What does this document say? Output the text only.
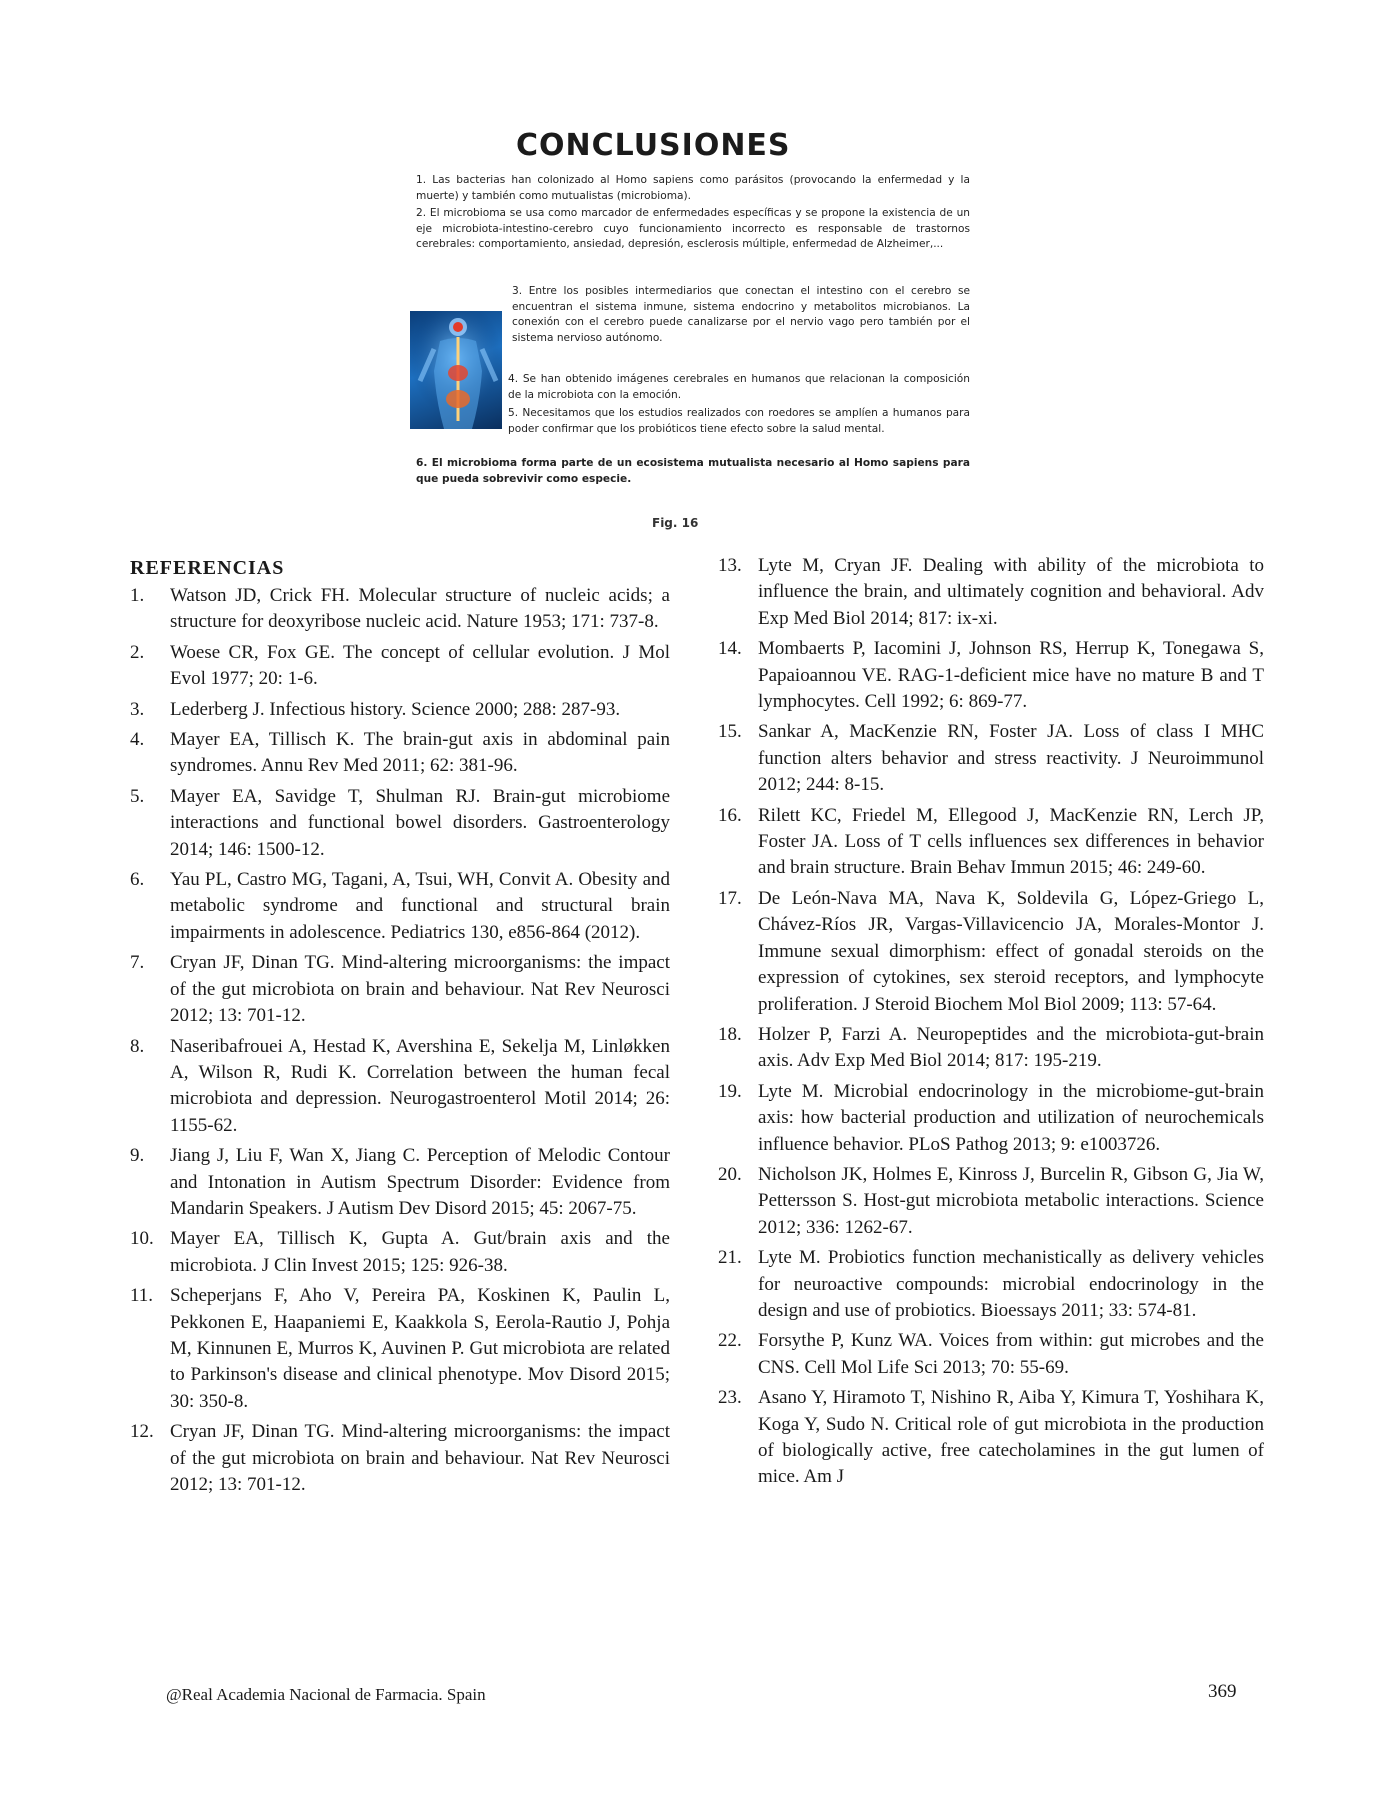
CONCLUSIONES
1. Las bacterias han colonizado al Homo sapiens como parásitos (provocando la enfermedad y la muerte) y también como mutualistas (microbioma).
2. El microbioma se usa como marcador de enfermedades específicas y se propone la existencia de un eje microbiota-intestino-cerebro cuyo funcionamiento incorrecto es responsable de trastornos cerebrales: comportamiento, ansiedad, depresión, esclerosis múltiple, enfermedad de Alzheimer,...
3. Entre los posibles intermediarios que conectan el intestino con el cerebro se encuentran el sistema inmune, sistema endocrino y metabolitos microbianos. La conexión con el cerebro puede canalizarse por el nervio vago pero también por el sistema nervioso autónomo.
4. Se han obtenido imágenes cerebrales en humanos que relacionan la composición de la microbiota con la emoción.
5. Necesitamos que los estudios realizados con roedores se amplíen a humanos para poder confirmar que los probióticos tiene efecto sobre la salud mental.
6. El microbioma forma parte de un ecosistema mutualista necesario al Homo sapiens para que pueda sobrevivir como especie.
Fig. 16
REFERENCIAS
1. Watson JD, Crick FH. Molecular structure of nucleic acids; a structure for deoxyribose nucleic acid. Nature 1953; 171: 737-8.
2. Woese CR, Fox GE. The concept of cellular evolution. J Mol Evol 1977; 20: 1-6.
3. Lederberg J. Infectious history. Science 2000; 288: 287-93.
4. Mayer EA, Tillisch K. The brain-gut axis in abdominal pain syndromes. Annu Rev Med 2011; 62: 381-96.
5. Mayer EA, Savidge T, Shulman RJ. Brain-gut microbiome interactions and functional bowel disorders. Gastroenterology 2014; 146: 1500-12.
6. Yau PL, Castro MG, Tagani, A, Tsui, WH, Convit A. Obesity and metabolic syndrome and functional and structural brain impairments in adolescence. Pediatrics 130, e856-864 (2012).
7. Cryan JF, Dinan TG. Mind-altering microorganisms: the impact of the gut microbiota on brain and behaviour. Nat Rev Neurosci 2012; 13: 701-12.
8. Naseribafrouei A, Hestad K, Avershina E, Sekelja M, Linløkken A, Wilson R, Rudi K. Correlation between the human fecal microbiota and depression. Neurogastroenterol Motil 2014; 26: 1155-62.
9. Jiang J, Liu F, Wan X, Jiang C. Perception of Melodic Contour and Intonation in Autism Spectrum Disorder: Evidence from Mandarin Speakers. J Autism Dev Disord 2015; 45: 2067-75.
10. Mayer EA, Tillisch K, Gupta A. Gut/brain axis and the microbiota. J Clin Invest 2015; 125: 926-38.
11. Scheperjans F, Aho V, Pereira PA, Koskinen K, Paulin L, Pekkonen E, Haapaniemi E, Kaakkola S, Eerola-Rautio J, Pohja M, Kinnunen E, Murros K, Auvinen P. Gut microbiota are related to Parkinson's disease and clinical phenotype. Mov Disord 2015; 30: 350-8.
12. Cryan JF, Dinan TG. Mind-altering microorganisms: the impact of the gut microbiota on brain and behaviour. Nat Rev Neurosci 2012; 13: 701-12.
13. Lyte M, Cryan JF. Dealing with ability of the microbiota to influence the brain, and ultimately cognition and behavioral. Adv Exp Med Biol 2014; 817: ix-xi.
14. Mombaerts P, Iacomini J, Johnson RS, Herrup K, Tonegawa S, Papaioannou VE. RAG-1-deficient mice have no mature B and T lymphocytes. Cell 1992; 6: 869-77.
15. Sankar A, MacKenzie RN, Foster JA. Loss of class I MHC function alters behavior and stress reactivity. J Neuroimmunol 2012; 244: 8-15.
16. Rilett KC, Friedel M, Ellegood J, MacKenzie RN, Lerch JP, Foster JA. Loss of T cells influences sex differences in behavior and brain structure. Brain Behav Immun 2015; 46: 249-60.
17. De León-Nava MA, Nava K, Soldevila G, López-Griego L, Chávez-Ríos JR, Vargas-Villavicencio JA, Morales-Montor J. Immune sexual dimorphism: effect of gonadal steroids on the expression of cytokines, sex steroid receptors, and lymphocyte proliferation. J Steroid Biochem Mol Biol 2009; 113: 57-64.
18. Holzer P, Farzi A. Neuropeptides and the microbiota-gut-brain axis. Adv Exp Med Biol 2014; 817: 195-219.
19. Lyte M. Microbial endocrinology in the microbiome-gut-brain axis: how bacterial production and utilization of neurochemicals influence behavior. PLoS Pathog 2013; 9: e1003726.
20. Nicholson JK, Holmes E, Kinross J, Burcelin R, Gibson G, Jia W, Pettersson S. Host-gut microbiota metabolic interactions. Science 2012; 336: 1262-67.
21. Lyte M. Probiotics function mechanistically as delivery vehicles for neuroactive compounds: microbial endocrinology in the design and use of probiotics. Bioessays 2011; 33: 574-81.
22. Forsythe P, Kunz WA. Voices from within: gut microbes and the CNS. Cell Mol Life Sci 2013; 70: 55-69.
23. Asano Y, Hiramoto T, Nishino R, Aiba Y, Kimura T, Yoshihara K, Koga Y, Sudo N. Critical role of gut microbiota in the production of biologically active, free catecholamines in the gut lumen of mice. Am J
@Real Academia Nacional de Farmacia. Spain	369
